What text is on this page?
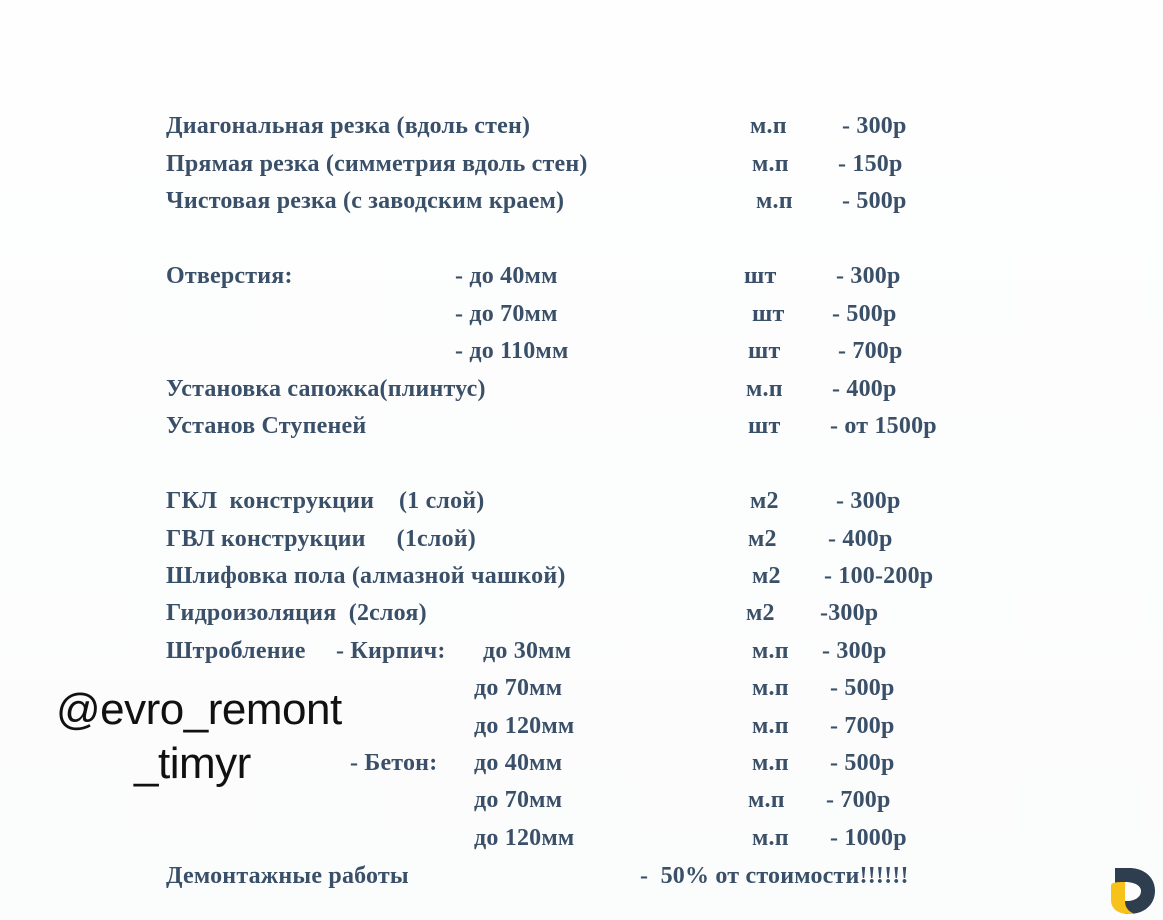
Диагональная резка (вдоль стен)	м.п - 300р
Прямая резка (симметрия вдоль стен)	м.п - 150р
Чистовая резка (с заводским краем)	м.п - 500р
Отверстия:	- до 40мм	шт - 300р
- до 70мм	шт - 500р
- до 110мм	шт - 700р
Установка сапожка(плинтус)	м.п - 400р
Установ Ступеней	шт - от 1500р
ГКЛ  конструкции    (1 слой)	м2 - 300р
ГВЛ конструкции     (1слой)	м2 - 400р
Шлифовка пола (алмазной чашкой)	м2 - 100-200р
Гидроизоляция  (2слоя)	м2 -300р
Штробление - Кирпич: до 30мм	м.п - 300р
до 70мм	м.п - 500р
до 120мм	м.п - 700р
- Бетон: до 40мм	м.п - 500р
до 70мм	м.п - 700р
до 120мм	м.п - 1000р
Демонтажные работы	-  50% от стоимости!!!!!!
@evro_remont
_timyr
